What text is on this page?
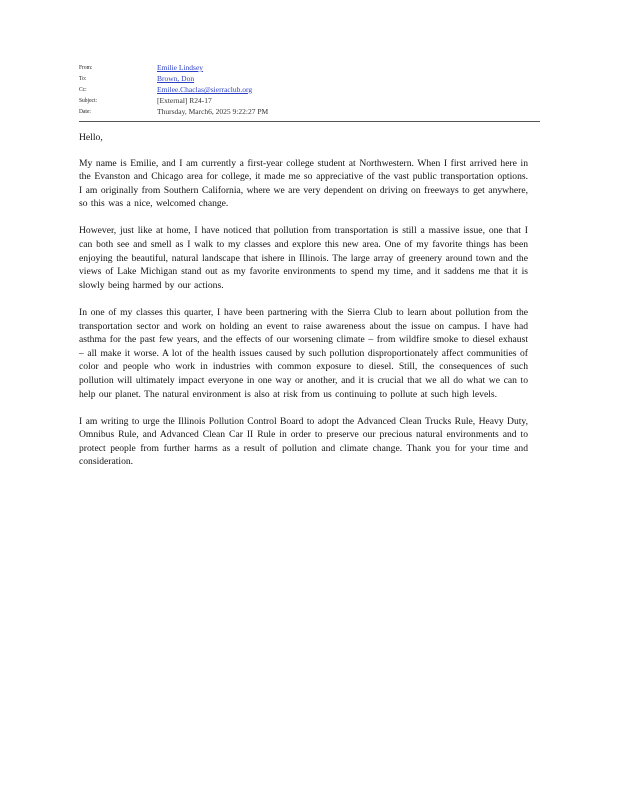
From:	Emilie Lindsey
To:	Brown, Don
Cc:	Emilee.Chaclas@sierraclub.org
Subject:	[External] R24-17
Date:	Thursday, March6, 2025 9:22:27 PM

Hello,

My name is Emilie, and I am currently a first-year college student at Northwestern. When I first arrived here in the Evanston and Chicago area for college, it made me so appreciative of the vast public transportation options. I am originally from Southern California, where we are very dependent on driving on freeways to get anywhere, so this was a nice, welcomed change.

However, just like at home, I have noticed that pollution from transportation is still a massive issue, one that I can both see and smell as I walk to my classes and explore this new area. One of my favorite things has been enjoying the beautiful, natural landscape that ishere in Illinois. The large array of greenery around town and the views of Lake Michigan stand out as my favorite environments to spend my time, and it saddens me that it is slowly being harmed by our actions.

In one of my classes this quarter, I have been partnering with the Sierra Club to learn about pollution from the transportation sector and work on holding an event to raise awareness about the issue on campus. I have had asthma for the past few years, and the effects of our worsening climate – from wildfire smoke to diesel exhaust – all make it worse. A lot of the health issues caused by such pollution disproportionately affect communities of color and people who work in industries with common exposure to diesel. Still, the consequences of such pollution will ultimately impact everyone in one way or another, and it is crucial that we all do what we can to help our planet. The natural environment is also at risk from us continuing to pollute at such high levels.

I am writing to urge the Illinois Pollution Control Board to adopt the Advanced Clean Trucks Rule, Heavy Duty, Omnibus Rule, and Advanced Clean Car II Rule in order to preserve our precious natural environments and to protect people from further harms as a result of pollution and climate change. Thank you for your time and consideration.
